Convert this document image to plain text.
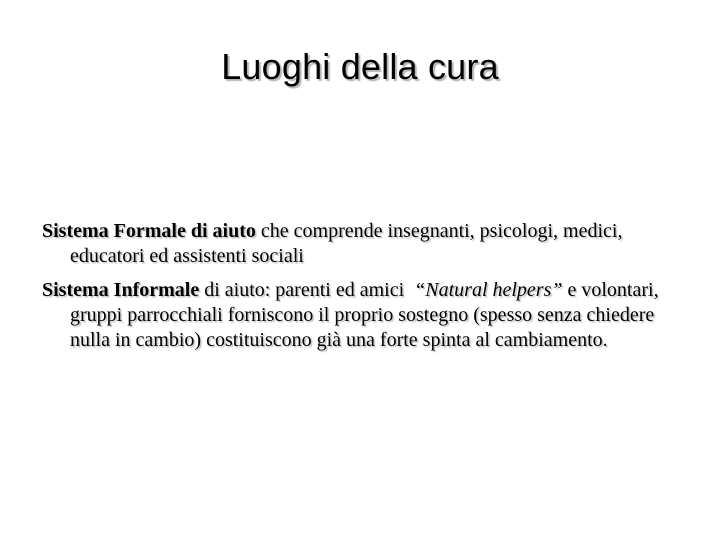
Luoghi della cura

Sistema Formale di aiuto che comprende insegnanti, psicologi, medici, educatori ed assistenti sociali

Sistema Informale di aiuto: parenti ed amici  “Natural helpers” e volontari, gruppi parrocchiali forniscono il proprio sostegno (spesso senza chiedere nulla in cambio) costituiscono già una forte spinta al cambiamento.
